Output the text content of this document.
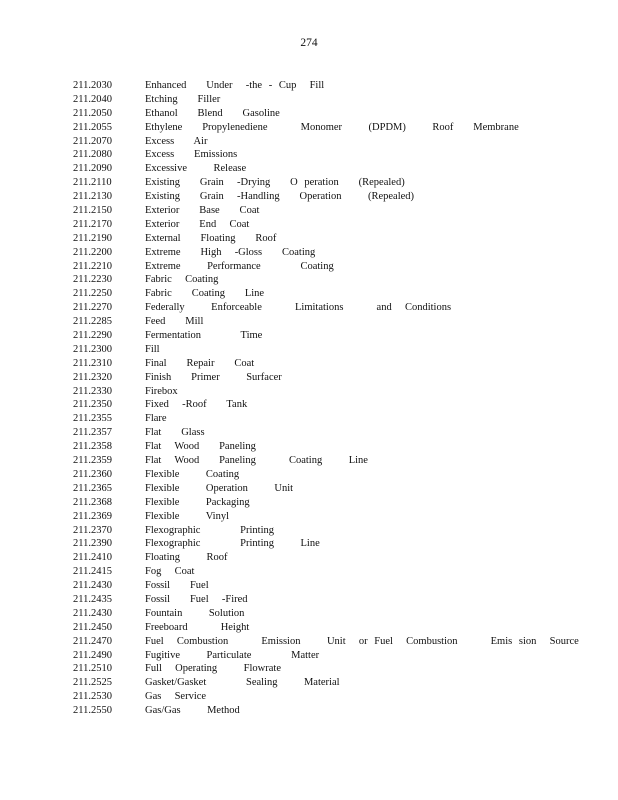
274
211.2030	Enhanced   Under  -the - Cup  Fill
211.2040	Etching   Filler
211.2050	Ethanol   Blend   Gasoline
211.2055	Ethylene   Propylenediene     Monomer    (DPDM)    Roof   Membrane
211.2070	Excess   Air
211.2080	Excess   Emissions
211.2090	Excessive    Release
211.2110	Existing   Grain  -Drying   O peration   (Repealed)
211.2130	Existing   Grain  -Handling   Operation    (Repealed)
211.2150	Exterior   Base   Coat
211.2170	Exterior   End  Coat
211.2190	External   Floating   Roof
211.2200	Extreme   High  -Gloss   Coating
211.2210	Extreme    Performance      Coating
211.2230	Fabric  Coating
211.2250	Fabric   Coating   Line
211.2270	Federally    Enforceable     Limitations     and  Conditions
211.2285	Feed   Mill
211.2290	Fermentation      Time
211.2300	Fill
211.2310	Final   Repair   Coat
211.2320	Finish   Primer    Surfacer
211.2330	Firebox
211.2350	Fixed  -Roof   Tank
211.2355	Flare
211.2357	Flat   Glass
211.2358	Flat  Wood   Paneling
211.2359	Flat  Wood   Paneling     Coating    Line
211.2360	Flexible    Coating
211.2365	Flexible    Operation    Unit
211.2368	Flexible    Packaging
211.2369	Flexible    Vinyl
211.2370	Flexographic      Printing
211.2390	Flexographic      Printing    Line
211.2410	Floating    Roof
211.2415	Fog  Coat
211.2430	Fossil   Fuel
211.2435	Fossil   Fuel  -Fired
211.2430	Fountain    Solution
211.2450	Freeboard     Height
211.2470	Fuel  Combustion     Emission    Unit  or Fuel  Combustion     Emis sion  Source
211.2490	Fugitive    Particulate      Matter
211.2510	Full  Operating    Flowrate
211.2525	Gasket/Gasket      Sealing    Material
211.2530	Gas  Service
211.2550	Gas/Gas    Method
